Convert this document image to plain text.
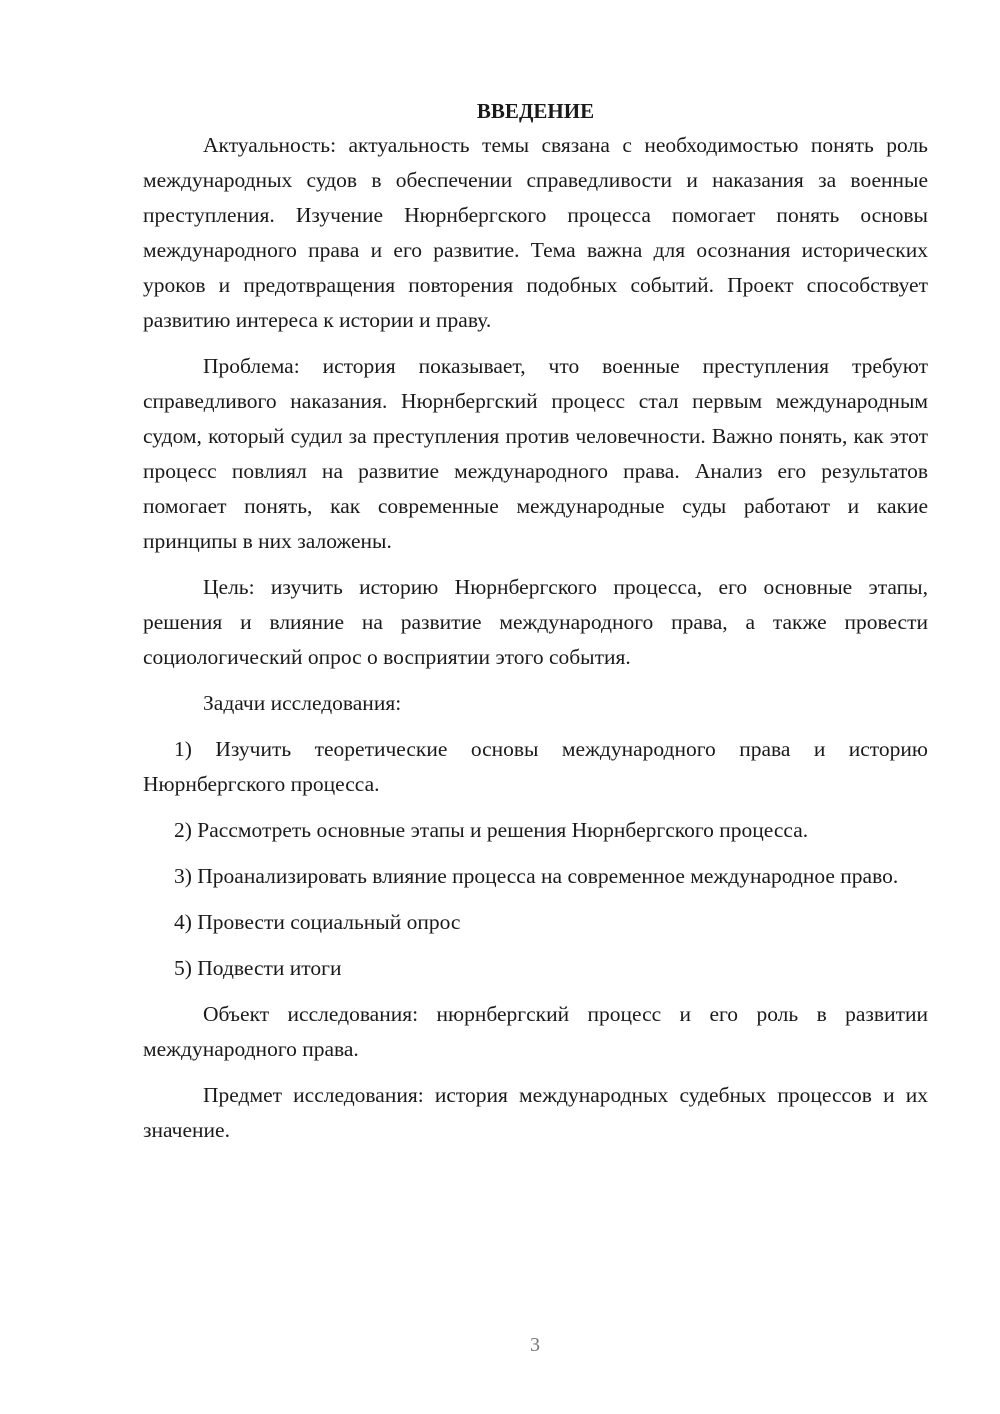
ВВЕДЕНИЕ

Актуальность: актуальность темы связана с необходимостью понять роль международных судов в обеспечении справедливости и наказания за военные преступления. Изучение Нюрнбергского процесса помогает понять основы международного права и его развитие. Тема важна для осознания исторических уроков и предотвращения повторения подобных событий. Проект способствует развитию интереса к истории и праву.

Проблема: история показывает, что военные преступления требуют справедливого наказания. Нюрнбергский процесс стал первым международным судом, который судил за преступления против человечности. Важно понять, как этот процесс повлиял на развитие международного права. Анализ его результатов помогает понять, как современные международные суды работают и какие принципы в них заложены.

Цель: изучить историю Нюрнбергского процесса, его основные этапы, решения и влияние на развитие международного права, а также провести социологический опрос о восприятии этого события.

Задачи исследования:

1) Изучить теоретические основы международного права и историю Нюрнбергского процесса.

2) Рассмотреть основные этапы и решения Нюрнбергского процесса.

3) Проанализировать влияние процесса на современное международное право.

4) Провести социальный опрос

5) Подвести итоги

Объект исследования: нюрнбергский процесс и его роль в развитии международного права.

Предмет исследования: история международных судебных процессов и их значение.

3
